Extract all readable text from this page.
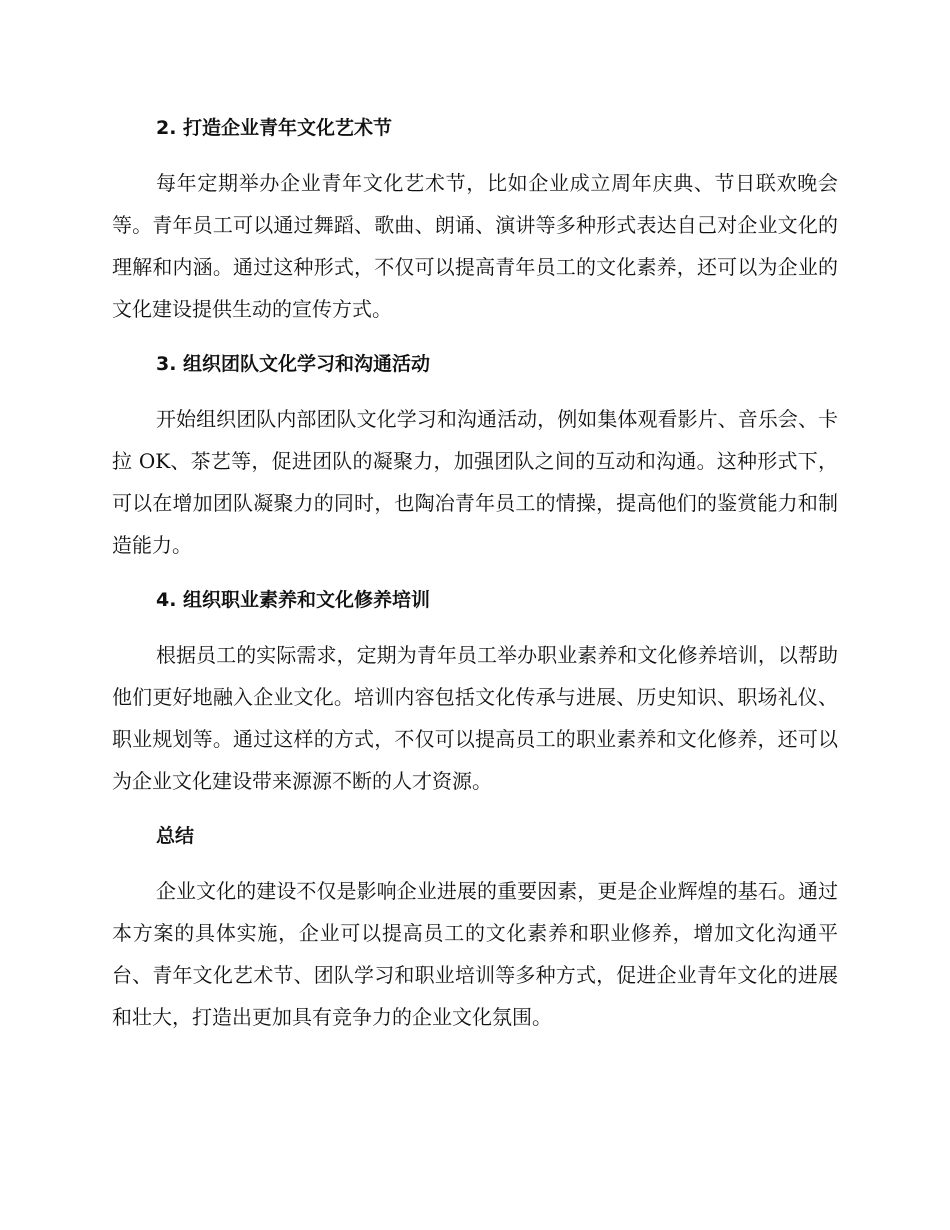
2. 打造企业青年文化艺术节

每年定期举办企业青年文化艺术节，比如企业成立周年庆典、节日联欢晚会等。青年员工可以通过舞蹈、歌曲、朗诵、演讲等多种形式表达自己对企业文化的理解和内涵。通过这种形式，不仅可以提高青年员工的文化素养，还可以为企业的文化建设提供生动的宣传方式。

3. 组织团队文化学习和沟通活动

开始组织团队内部团队文化学习和沟通活动，例如集体观看影片、音乐会、卡拉 OK、茶艺等，促进团队的凝聚力，加强团队之间的互动和沟通。这种形式下，可以在增加团队凝聚力的同时，也陶冶青年员工的情操，提高他们的鉴赏能力和制造能力。

4. 组织职业素养和文化修养培训

根据员工的实际需求，定期为青年员工举办职业素养和文化修养培训，以帮助他们更好地融入企业文化。培训内容包括文化传承与进展、历史知识、职场礼仪、职业规划等。通过这样的方式，不仅可以提高员工的职业素养和文化修养，还可以为企业文化建设带来源源不断的人才资源。

总结

企业文化的建设不仅是影响企业进展的重要因素，更是企业辉煌的基石。通过本方案的具体实施，企业可以提高员工的文化素养和职业修养，增加文化沟通平台、青年文化艺术节、团队学习和职业培训等多种方式，促进企业青年文化的进展和壮大，打造出更加具有竞争力的企业文化氛围。
